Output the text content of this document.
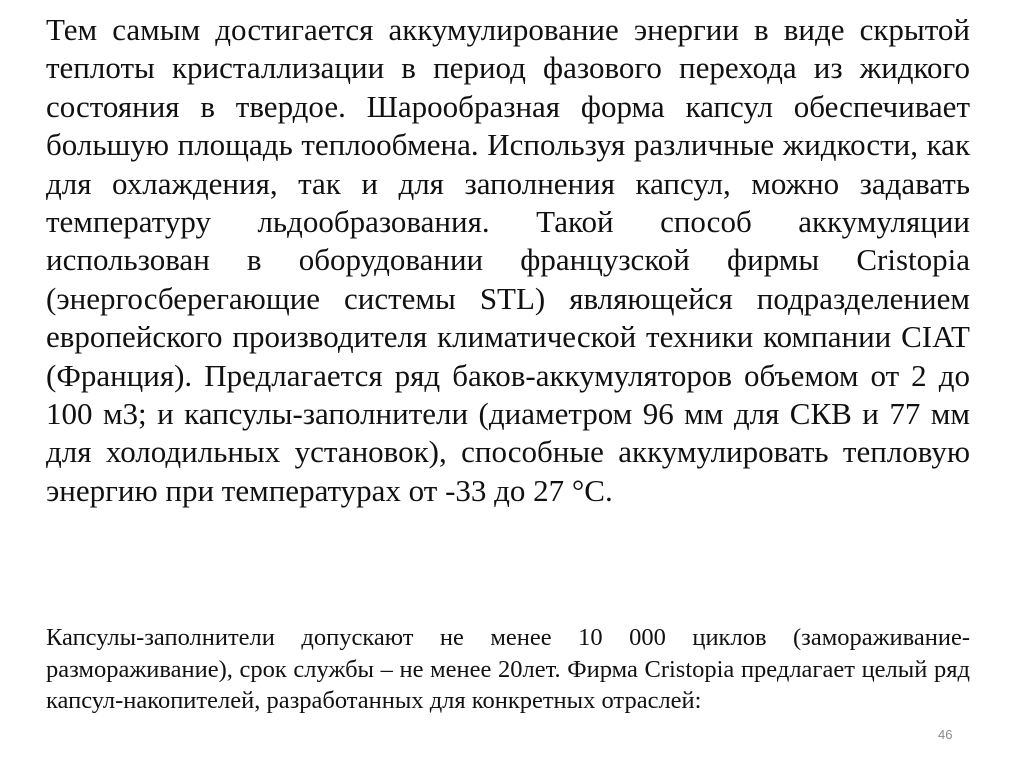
Тем самым достигается аккумулирование энергии в виде скрытой теплоты кристаллизации в период фазового перехода из жидкого состояния в твердое. Шарообразная форма капсул обеспечивает большую площадь теплообмена. Используя различные жидкости, как для охлаждения, так и для заполнения капсул, можно задавать температуру льдообразования. Такой способ аккумуляции использован в оборудовании французской фирмы Cristopia (энергосберегающие системы STL) являющейся подразделением европейского производителя климатической техники компании CIAT (Франция). Предлагается ряд баков-аккумуляторов объемом от 2 до 100 м3; и капсулы-заполнители (диаметром 96 мм для СКВ и 77 мм для холодильных установок), способные аккумулировать тепловую энергию при температурах от -33 до 27 °С.

Капсулы-заполнители допускают не менее 10 000 циклов (замораживание-размораживание), срок службы – не менее 20лет. Фирма Cristopia предлагает целый ряд капсул-накопителей, разработанных для конкретных отраслей:

46
